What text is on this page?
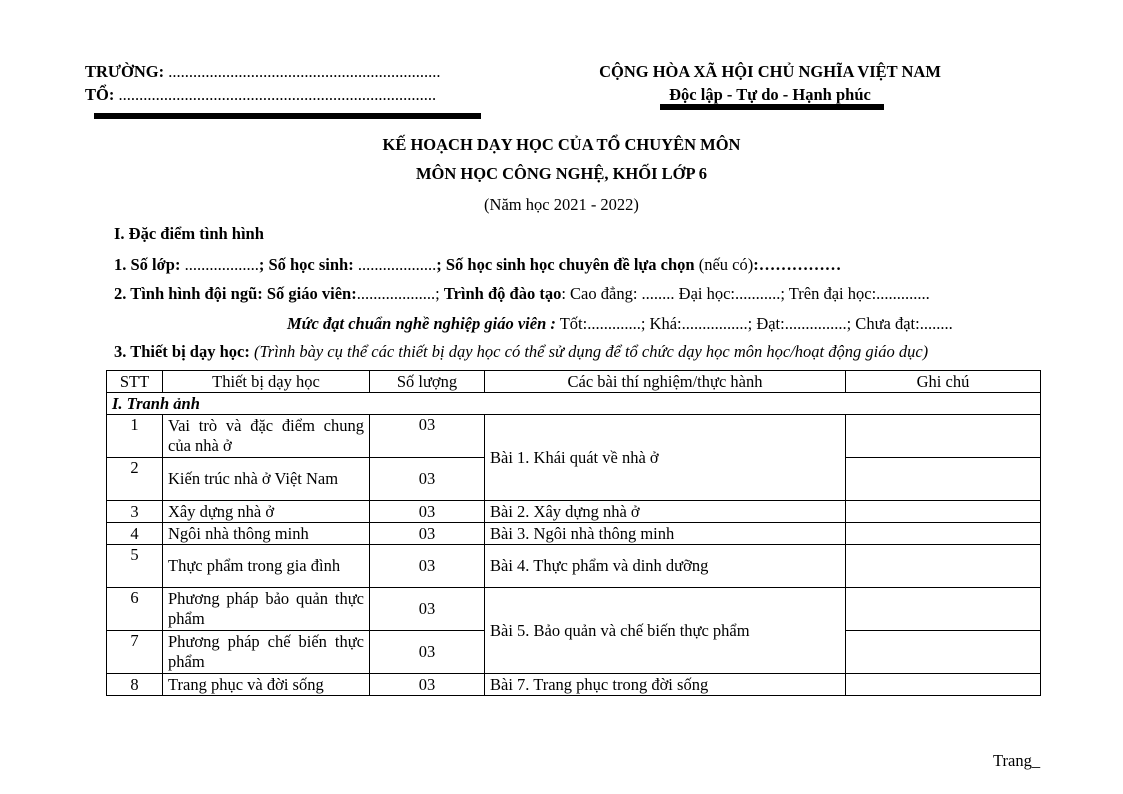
TRƯỜNG: ..................................................................
TỔ: .............................................................................
CỘNG HÒA XÃ HỘI CHỦ NGHĨA VIỆT NAM
Độc lập - Tự do - Hạnh phúc
KẾ HOẠCH DẠY HỌC CỦA TỔ CHUYÊN MÔN
MÔN HỌC CÔNG NGHỆ, KHỐI LỚP 6
(Năm học 2021 - 2022)
I. Đặc điểm tình hình
1. Số lớp: ..................; Số học sinh: ...................; Số học sinh học chuyên đề lựa chọn (nếu có):……………
2. Tình hình đội ngũ: Số giáo viên:...................; Trình độ đào tạo: Cao đẳng: ........ Đại học:...........; Trên đại học:.............
Mức đạt chuẩn nghề nghiệp giáo viên : Tốt:.............; Khá:................; Đạt:...............; Chưa đạt:........
3. Thiết bị dạy học: (Trình bày cụ thể các thiết bị dạy học có thể sử dụng để tổ chức dạy học môn học/hoạt động giáo dục)
STT	Thiết bị dạy học	Số lượng	Các bài thí nghiệm/thực hành	Ghi chú
I. Tranh ảnh				
1	Vai trò và đặc điểm chung của nhà ở	03	Bài 1. Khái quát về nhà ở	
2	Kiến trúc nhà ở Việt Nam	03		
3	Xây dựng nhà ở	03	Bài 2. Xây dựng nhà ở	
4	Ngôi nhà thông minh	03	Bài 3. Ngôi nhà thông minh	
5	Thực phẩm trong gia đình	03	Bài 4. Thực phẩm và dinh dưỡng	
6	Phương pháp bảo quản thực phẩm	03	Bài 5. Bảo quản và chế biến thực phẩm	
7	Phương pháp chế biến thực phẩm	03		
8	Trang phục và đời sống	03	Bài 7. Trang phục trong đời sống	
Trang_
